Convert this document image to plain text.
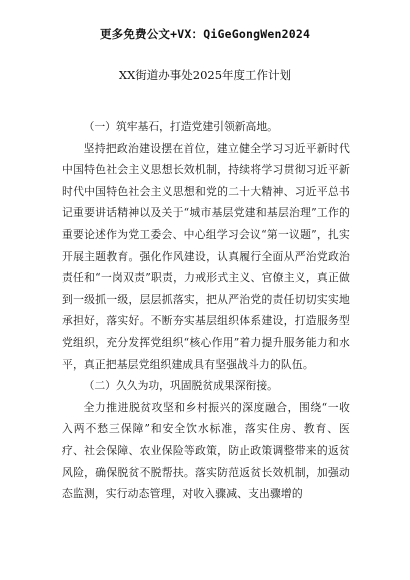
更多免费公文+VX：QiGeGongWen2024
XX街道办事处2025年度工作计划

（一）筑牢基石，打造党建引领新高地。

坚持把政治建设摆在首位，建立健全学习习近平新时代中国特色社会主义思想长效机制，持续将学习贯彻习近平新时代中国特色社会主义思想和党的二十大精神、习近平总书记重要讲话精神以及关于“城市基层党建和基层治理”工作的重要论述作为党工委会、中心组学习会议“第一议题”，扎实开展主题教育。强化作风建设，认真履行全面从严治党政治责任和“一岗双责”职责，力戒形式主义、官僚主义，真正做到一级抓一级，层层抓落实，把从严治党的责任切切实实地承担好，落实好。不断夯实基层组织体系建设，打造服务型党组织，充分发挥党组织“核心作用”着力提升服务能力和水平，真正把基层党组织建成具有坚强战斗力的队伍。

（二）久久为功，巩固脱贫成果深衔接。

全力推进脱贫攻坚和乡村振兴的深度融合，围绕“一收入两不愁三保障”和安全饮水标准，落实住房、教育、医疗、社会保障、农业保险等政策，防止政策调整带来的返贫风险，确保脱贫不脱帮扶。落实防范返贫长效机制，加强动态监测，实行动态管理，对收入骤减、支出骤增的
